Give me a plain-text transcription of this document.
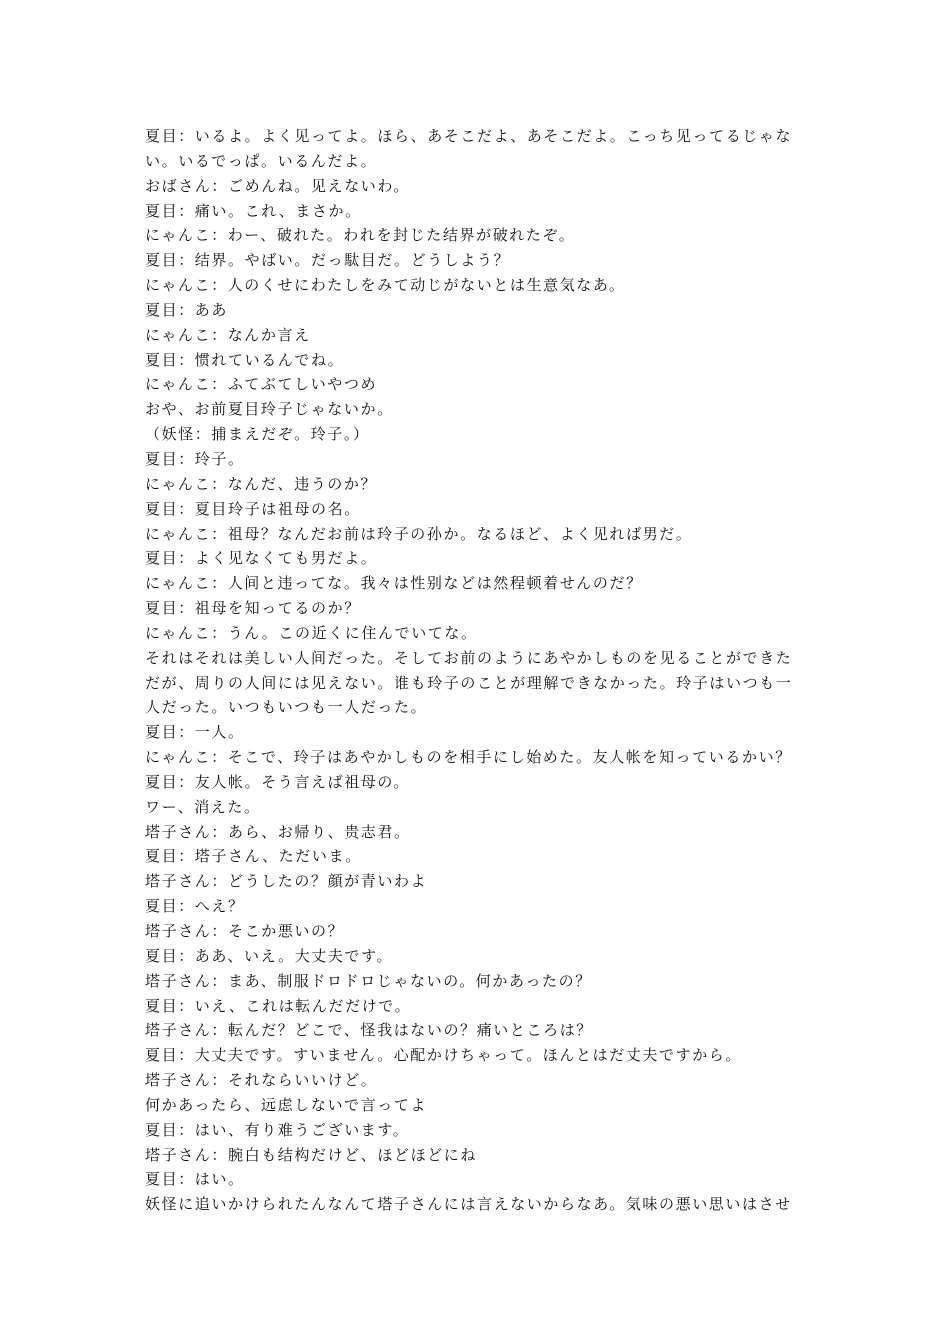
夏目：いるよ。よく见ってよ。ほら、あそこだよ、あそこだよ。こっち见ってるじゃな

い。いるでっぱ。いるんだよ。

おばさん：ごめんね。见えないわ。

夏目：痛い。これ、まさか。

にゃんこ：わー、破れた。われを封じた结界が破れたぞ。

夏目：结界。やばい。だっ駄目だ。どうしよう？

にゃんこ：人のくせにわたしをみて动じがないとは生意気なあ。

夏目：ああ

にゃんこ：なんか言え

夏目：惯れているんでね。

にゃんこ：ふてぶてしいやつめ

おや、お前夏目玲子じゃないか。

（妖怪：捕まえだぞ。玲子。）

夏目：玲子。

にゃんこ：なんだ、违うのか？

夏目：夏目玲子は祖母の名。

にゃんこ：祖母？なんだお前は玲子の孙か。なるほど、よく见れば男だ。

夏目：よく见なくても男だよ。

にゃんこ：人间と违ってな。我々は性别などは然程顿着せんのだ？

夏目：祖母を知ってるのか？

にゃんこ：うん。この近くに住んでいてな。

それはそれは美しい人间だった。そしてお前のようにあやかしものを见ることができた

だが、周りの人间には见えない。谁も玲子のことが理解できなかった。玲子はいつも一

人だった。いつもいつも一人だった。

夏目：一人。

にゃんこ：そこで、玲子はあやかしものを相手にし始めた。友人帐を知っているかい？

夏目：友人帐。そう言えば祖母の。

ワー、消えた。

塔子さん：あら、お帰り、贵志君。

夏目：塔子さん、ただいま。

塔子さん：どうしたの？顔が青いわよ

夏目：へえ？

塔子さん：そこか悪いの？

夏目：ああ、いえ。大丈夫です。

塔子さん：まあ、制服ドロドロじゃないの。何かあったの？

夏目：いえ、これは転んだだけで。

塔子さん：転んだ？どこで、怪我はないの？痛いところは？

夏目：大丈夫です。すいません。心配かけちゃって。ほんとはだ丈夫ですから。

塔子さん：それならいいけど。

何かあったら、远虑しないで言ってよ

夏目：はい、有り难うございます。

塔子さん：腕白も结构だけど、ほどほどにね

夏目：はい。

妖怪に追いかけられたんなんて塔子さんには言えないからなあ。気味の悪い思いはさせ
